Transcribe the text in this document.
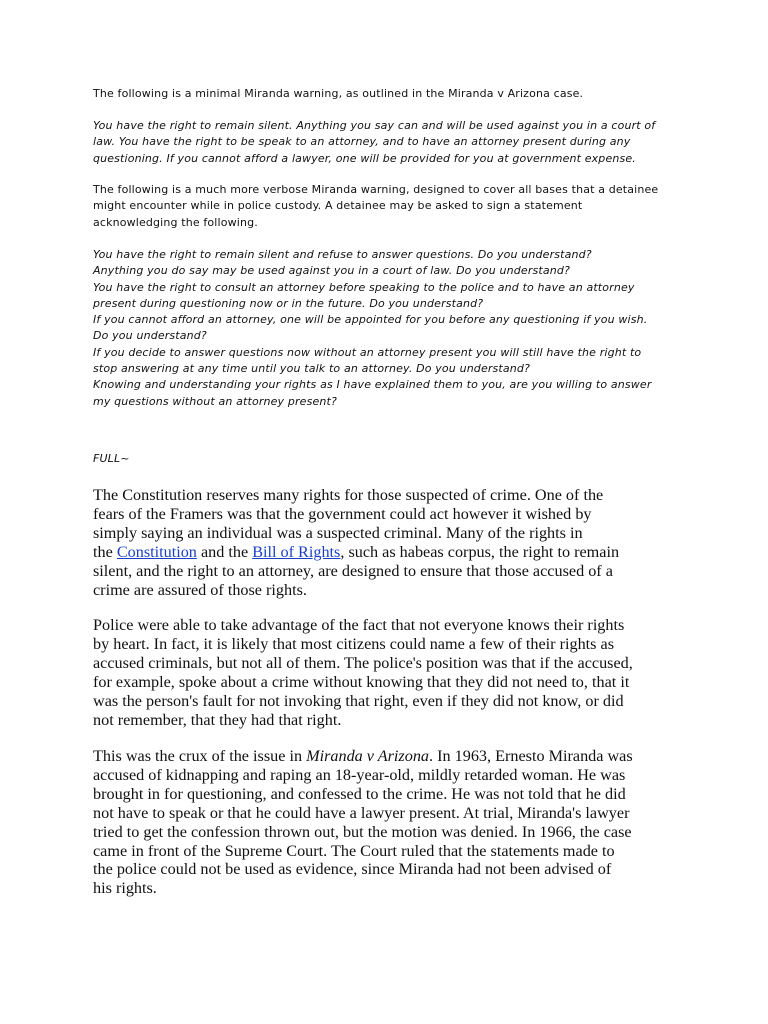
The following is a minimal Miranda warning, as outlined in the Miranda v Arizona case.

You have the right to remain silent. Anything you say can and will be used against you in a court of
law. You have the right to be speak to an attorney, and to have an attorney present during any
questioning. If you cannot afford a lawyer, one will be provided for you at government expense.

The following is a much more verbose Miranda warning, designed to cover all bases that a detainee
might encounter while in police custody. A detainee may be asked to sign a statement
acknowledging the following.

You have the right to remain silent and refuse to answer questions. Do you understand?
Anything you do say may be used against you in a court of law. Do you understand?
You have the right to consult an attorney before speaking to the police and to have an attorney
present during questioning now or in the future. Do you understand?
If you cannot afford an attorney, one will be appointed for you before any questioning if you wish.
Do you understand?
If you decide to answer questions now without an attorney present you will still have the right to
stop answering at any time until you talk to an attorney. Do you understand?
Knowing and understanding your rights as I have explained them to you, are you willing to answer
my questions without an attorney present?

FULL~

The Constitution reserves many rights for those suspected of crime. One of the
fears of the Framers was that the government could act however it wished by
simply saying an individual was a suspected criminal. Many of the rights in
the Constitution and the Bill of Rights, such as habeas corpus, the right to remain
silent, and the right to an attorney, are designed to ensure that those accused of a
crime are assured of those rights.

Police were able to take advantage of the fact that not everyone knows their rights
by heart. In fact, it is likely that most citizens could name a few of their rights as
accused criminals, but not all of them. The police's position was that if the accused,
for example, spoke about a crime without knowing that they did not need to, that it
was the person's fault for not invoking that right, even if they did not know, or did
not remember, that they had that right.

This was the crux of the issue in Miranda v Arizona. In 1963, Ernesto Miranda was
accused of kidnapping and raping an 18-year-old, mildly retarded woman. He was
brought in for questioning, and confessed to the crime. He was not told that he did
not have to speak or that he could have a lawyer present. At trial, Miranda's lawyer
tried to get the confession thrown out, but the motion was denied. In 1966, the case
came in front of the Supreme Court. The Court ruled that the statements made to
the police could not be used as evidence, since Miranda had not been advised of
his rights.
